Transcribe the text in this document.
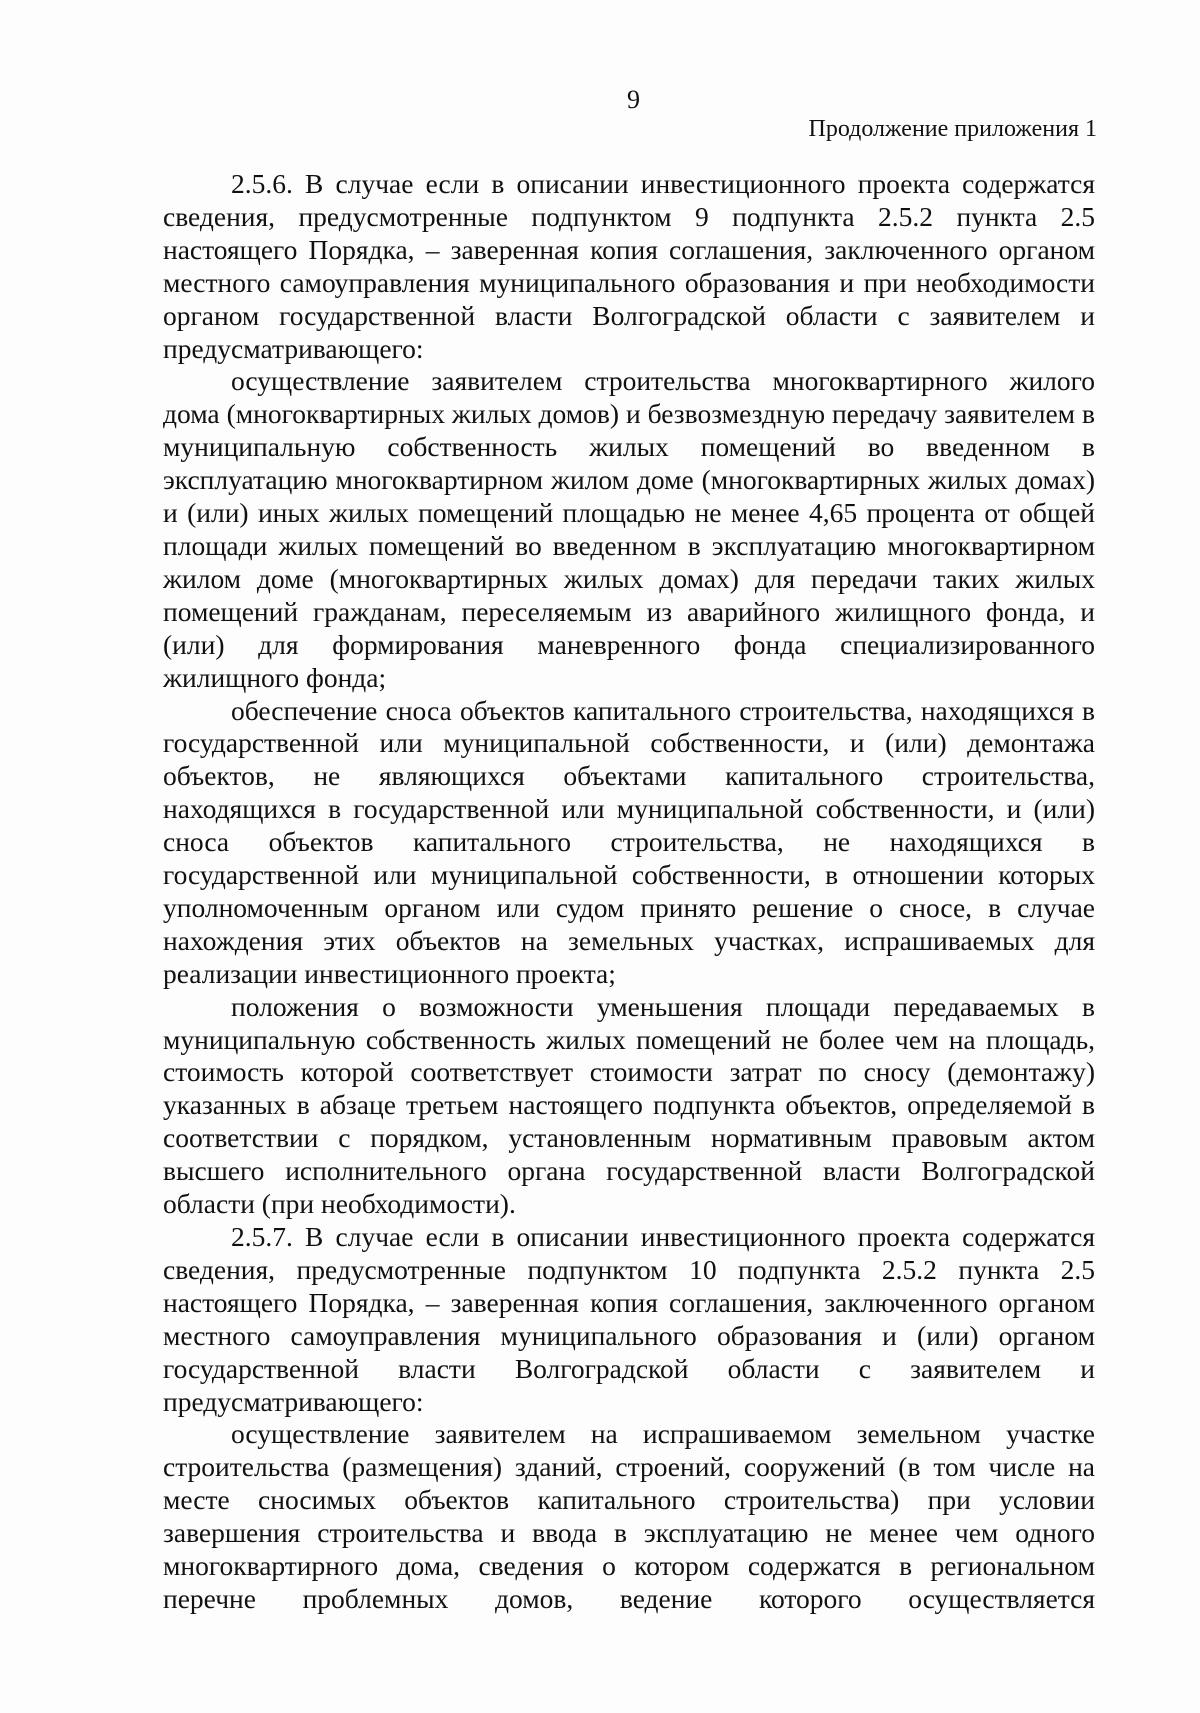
9
Продолжение приложения 1

2.5.6. В случае если в описании инвестиционного проекта содержатся сведения, предусмотренные подпунктом 9 подпункта 2.5.2 пункта 2.5 настоящего Порядка, – заверенная копия соглашения, заключенного органом местного самоуправления муниципального образования и при необходимости органом государственной власти Волгоградской области с заявителем и предусматривающего:

осуществление заявителем строительства многоквартирного жилого дома (многоквартирных жилых домов) и безвозмездную передачу заявителем в муниципальную собственность жилых помещений во введенном в эксплуатацию многоквартирном жилом доме (многоквартирных жилых домах) и (или) иных жилых помещений площадью не менее 4,65 процента от общей площади жилых помещений во введенном в эксплуатацию многоквартирном жилом доме (многоквартирных жилых домах) для передачи таких жилых помещений гражданам, переселяемым из аварийного жилищного фонда, и (или) для формирования маневренного фонда специализированного жилищного фонда;

обеспечение сноса объектов капитального строительства, находящихся в государственной или муниципальной собственности, и (или) демонтажа объектов, не являющихся объектами капитального строительства, находящихся в государственной или муниципальной собственности, и (или) сноса объектов капитального строительства, не находящихся в государственной или муниципальной собственности, в отношении которых уполномоченным органом или судом принято решение о сносе, в случае нахождения этих объектов на земельных участках, испрашиваемых для реализации инвестиционного проекта;

положения о возможности уменьшения площади передаваемых в муниципальную собственность жилых помещений не более чем на площадь, стоимость которой соответствует стоимости затрат по сносу (демонтажу) указанных в абзаце третьем настоящего подпункта объектов, определяемой в соответствии с порядком, установленным нормативным правовым актом высшего исполнительного органа государственной власти Волгоградской области (при необходимости).

2.5.7. В случае если в описании инвестиционного проекта содержатся сведения, предусмотренные подпунктом 10 подпункта 2.5.2 пункта 2.5 настоящего Порядка, – заверенная копия соглашения, заключенного органом местного самоуправления муниципального образования и (или) органом государственной власти Волгоградской области с заявителем и предусматривающего:

осуществление заявителем на испрашиваемом земельном участке строительства (размещения) зданий, строений, сооружений (в том числе на месте сносимых объектов капитального строительства) при условии завершения строительства и ввода в эксплуатацию не менее чем одного многоквартирного дома, сведения о котором содержатся в региональном перечне проблемных домов, ведение которого осуществляется
